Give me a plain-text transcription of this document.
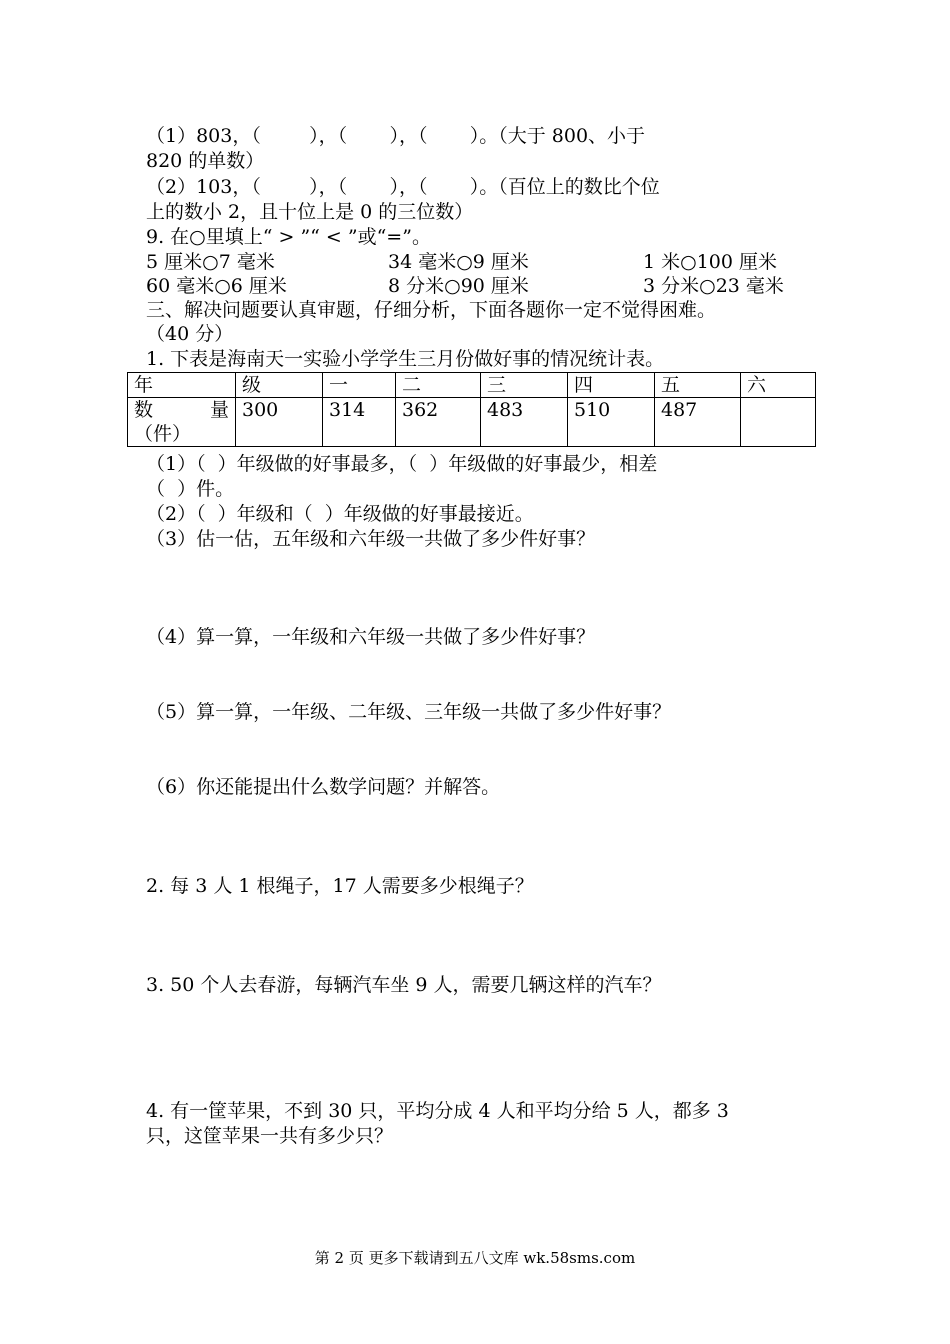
（1）803，（        ），（       ），（       ）。（大于 800、小于
820 的单数）
（2）103，（        ），（       ），（       ）。（百位上的数比个位
上的数小 2，且十位上是 0 的三位数）
9. 在○里填上“ > ”“ < ”或“=”。
5 厘米○7 毫米	34 毫米○9 厘米	1 米○100 厘米
60 毫米○6 厘米	8 分米○90 厘米	3 分米○23 毫米
三、解决问题要认真审题，仔细分析，下面各题你一定不觉得困难。
（40 分）
1. 下表是海南天一实验小学学生三月份做好事的情况统计表。
年	级	一	二	三	四	五	六

数 量
（件）	300	314	362	483	510	487	
（1）（  ）年级做的好事最多，（  ）年级做的好事最少，相差
（  ）件。
（2）（  ）年级和（  ）年级做的好事最接近。
（3）估一估，五年级和六年级一共做了多少件好事？
（4）算一算，一年级和六年级一共做了多少件好事？
（5）算一算，一年级、二年级、三年级一共做了多少件好事？
（6）你还能提出什么数学问题？并解答。
2. 每 3 人 1 根绳子，17 人需要多少根绳子？
3. 50 个人去春游，每辆汽车坐 9 人，需要几辆这样的汽车？
4. 有一筐苹果，不到 30 只，平均分成 4 人和平均分给 5 人，都多 3
只，这筐苹果一共有多少只？
第 2 页 更多下载请到五八文库 wk.58sms.com
